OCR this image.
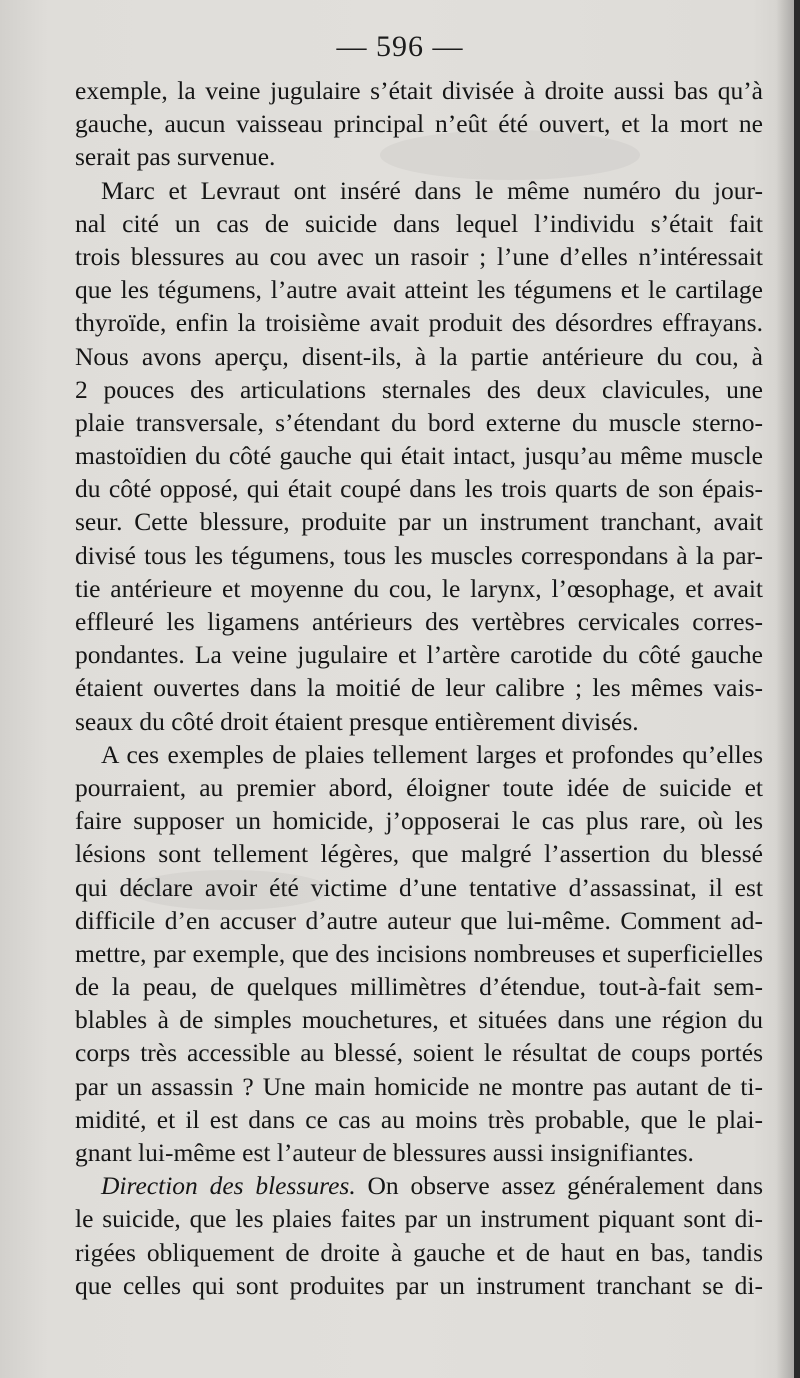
— 596 —
exemple, la veine jugulaire s’était divisée à droite aussi bas qu’à
gauche, aucun vaisseau principal n’eût été ouvert, et la mort ne
serait pas survenue.
Marc et Levraut ont inséré dans le même numéro du jour-
nal cité un cas de suicide dans lequel l’individu s’était fait
trois blessures au cou avec un rasoir ; l’une d’elles n’intéressait
que les tégumens, l’autre avait atteint les tégumens et le cartilage
thyroïde, enfin la troisième avait produit des désordres effrayans.
Nous avons aperçu, disent-ils, à la partie antérieure du cou, à
2 pouces des articulations sternales des deux clavicules, une
plaie transversale, s’étendant du bord externe du muscle sterno-
mastoïdien du côté gauche qui était intact, jusqu’au même muscle
du côté opposé, qui était coupé dans les trois quarts de son épais-
seur. Cette blessure, produite par un instrument tranchant, avait
divisé tous les tégumens, tous les muscles correspondans à la par-
tie antérieure et moyenne du cou, le larynx, l’œsophage, et avait
effleuré les ligamens antérieurs des vertèbres cervicales corres-
pondantes. La veine jugulaire et l’artère carotide du côté gauche
étaient ouvertes dans la moitié de leur calibre ; les mêmes vais-
seaux du côté droit étaient presque entièrement divisés.
A ces exemples de plaies tellement larges et profondes qu’elles
pourraient, au premier abord, éloigner toute idée de suicide et
faire supposer un homicide, j’opposerai le cas plus rare, où les
lésions sont tellement légères, que malgré l’assertion du blessé
qui déclare avoir été victime d’une tentative d’assassinat, il est
difficile d’en accuser d’autre auteur que lui-même. Comment ad-
mettre, par exemple, que des incisions nombreuses et superficielles
de la peau, de quelques millimètres d’étendue, tout-à-fait sem-
blables à de simples mouchetures, et situées dans une région du
corps très accessible au blessé, soient le résultat de coups portés
par un assassin ? Une main homicide ne montre pas autant de ti-
midité, et il est dans ce cas au moins très probable, que le plai-
gnant lui-même est l’auteur de blessures aussi insignifiantes.
Direction des blessures. On observe assez généralement dans
le suicide, que les plaies faites par un instrument piquant sont di-
rigées obliquement de droite à gauche et de haut en bas, tandis
que celles qui sont produites par un instrument tranchant se di-
